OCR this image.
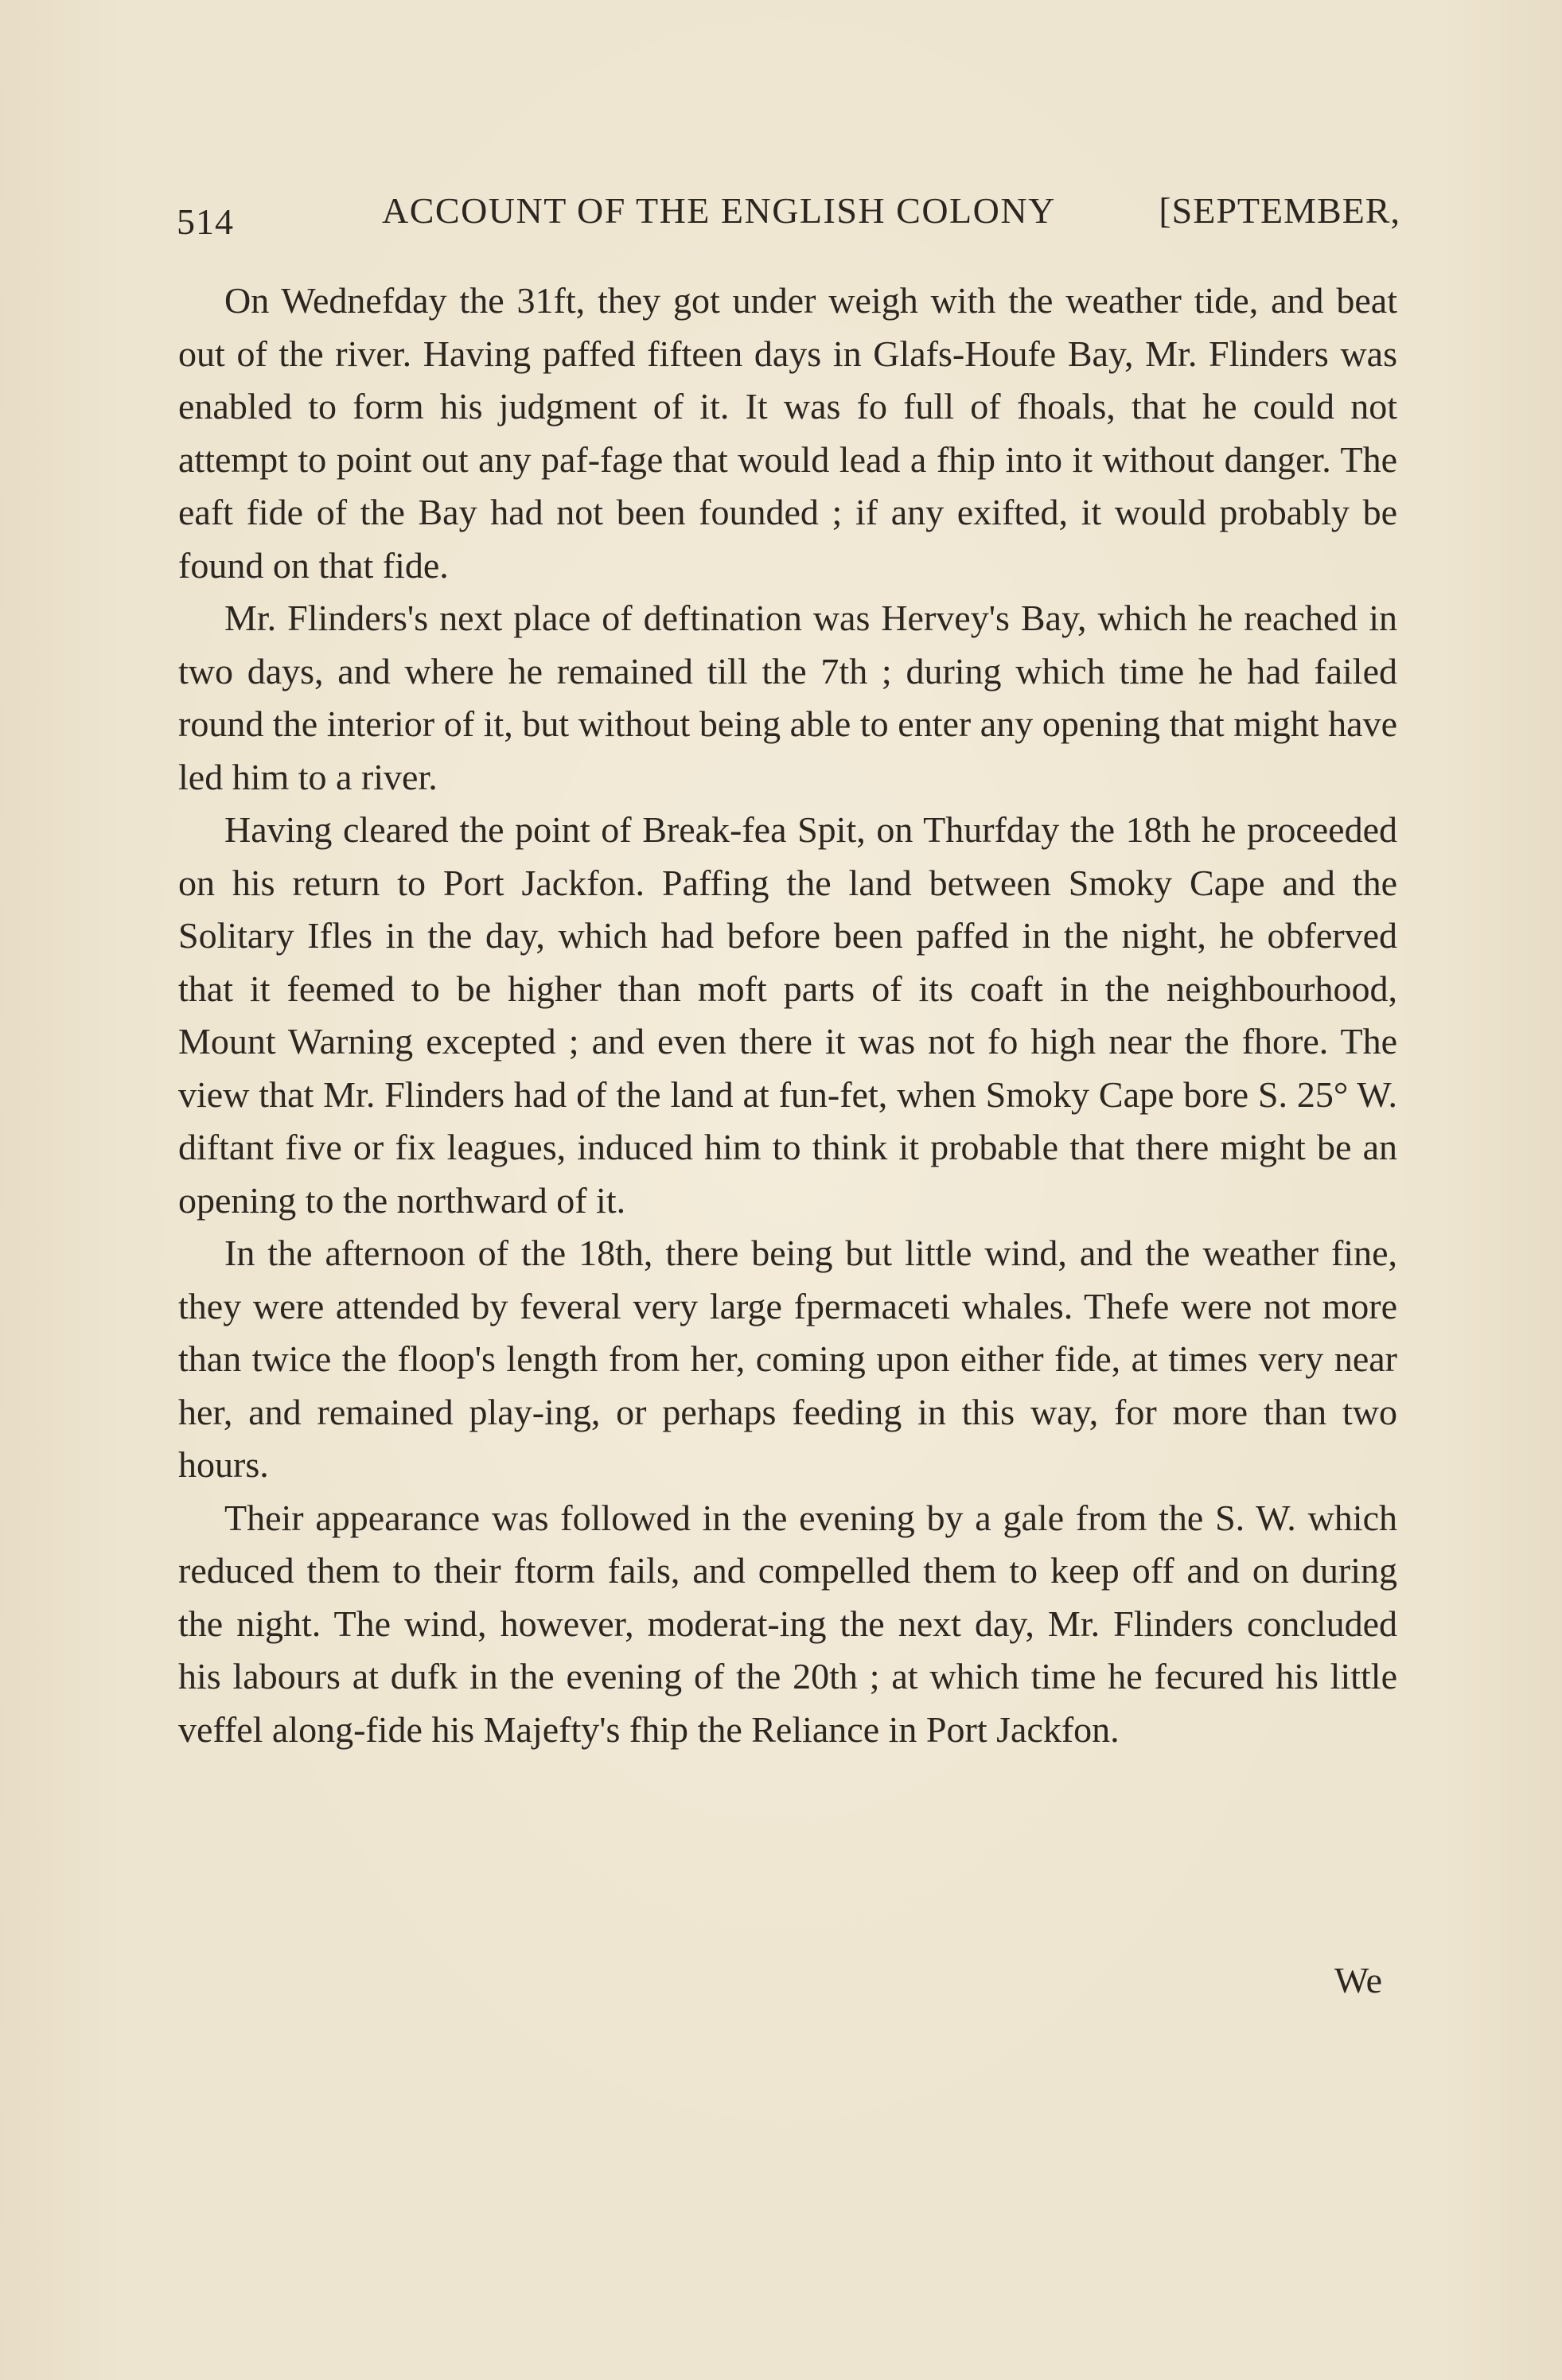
514	ACCOUNT OF THE ENGLISH COLONY	[SEPTEMBER,

On Wednefday the 31ft, they got under weigh with the weather tide, and beat out of the river. Having paffed fifteen days in Glafs-Houfe Bay, Mr. Flinders was enabled to form his judgment of it. It was fo full of fhoals, that he could not attempt to point out any paf-fage that would lead a fhip into it without danger. The eaft fide of the Bay had not been founded ; if any exifted, it would probably be found on that fide.

Mr. Flinders's next place of deftination was Hervey's Bay, which he reached in two days, and where he remained till the 7th ; during which time he had failed round the interior of it, but without being able to enter any opening that might have led him to a river.

Having cleared the point of Break-fea Spit, on Thurfday the 18th he proceeded on his return to Port Jackfon. Paffing the land between Smoky Cape and the Solitary Ifles in the day, which had before been paffed in the night, he obferved that it feemed to be higher than moft parts of its coaft in the neighbourhood, Mount Warning excepted ; and even there it was not fo high near the fhore. The view that Mr. Flinders had of the land at fun-fet, when Smoky Cape bore S. 25° W. diftant five or fix leagues, induced him to think it probable that there might be an opening to the northward of it.

In the afternoon of the 18th, there being but little wind, and the weather fine, they were attended by feveral very large fpermaceti whales. Thefe were not more than twice the floop's length from her, coming upon either fide, at times very near her, and remained play-ing, or perhaps feeding in this way, for more than two hours.

Their appearance was followed in the evening by a gale from the S. W. which reduced them to their ftorm fails, and compelled them to keep off and on during the night. The wind, however, moderat-ing the next day, Mr. Flinders concluded his labours at dufk in the evening of the 20th ; at which time he fecured his little veffel along-fide his Majefty's fhip the Reliance in Port Jackfon.

We
